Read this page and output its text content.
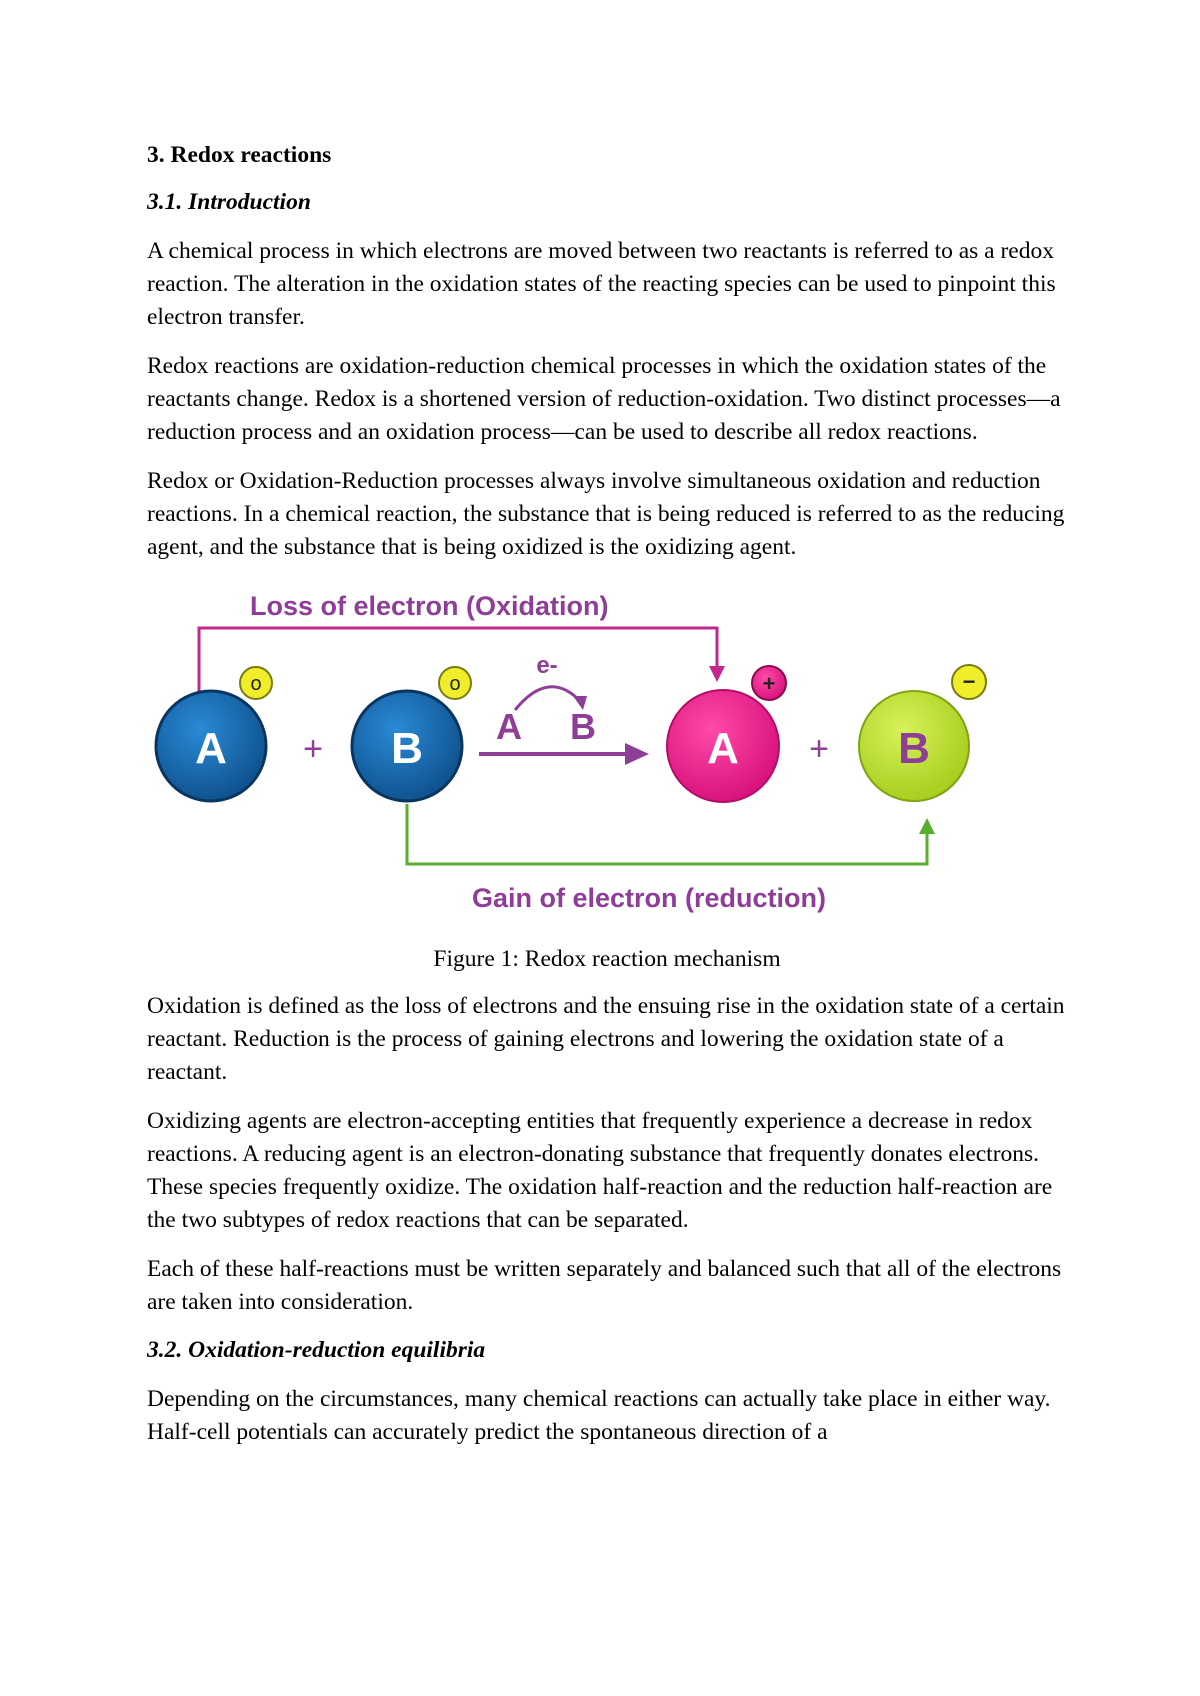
3. Redox reactions
3.1. Introduction

A chemical process in which electrons are moved between two reactants is referred to as a redox reaction. The alteration in the oxidation states of the reacting species can be used to pinpoint this electron transfer.

Redox reactions are oxidation-reduction chemical processes in which the oxidation states of the reactants change. Redox is a shortened version of reduction-oxidation. Two distinct processes—a reduction process and an oxidation process—can be used to describe all redox reactions.

Redox or Oxidation-Reduction processes always involve simultaneous oxidation and reduction reactions. In a chemical reaction, the substance that is being reduced is referred to as the reducing agent, and the substance that is being oxidized is the oxidizing agent.

Loss of electron (Oxidation)
A
o
+ B
o
e-
A B	A
+
+ B
−
Gain of electron (reduction)
Figure 1: Redox reaction mechanism

Oxidation is defined as the loss of electrons and the ensuing rise in the oxidation state of a certain reactant. Reduction is the process of gaining electrons and lowering the oxidation state of a reactant.

Oxidizing agents are electron-accepting entities that frequently experience a decrease in redox reactions. A reducing agent is an electron-donating substance that frequently donates electrons. These species frequently oxidize. The oxidation half-reaction and the reduction half-reaction are the two subtypes of redox reactions that can be separated.

Each of these half-reactions must be written separately and balanced such that all of the electrons are taken into consideration.

3.2. Oxidation-reduction equilibria

Depending on the circumstances, many chemical reactions can actually take place in either way. Half-cell potentials can accurately predict the spontaneous direction of a
